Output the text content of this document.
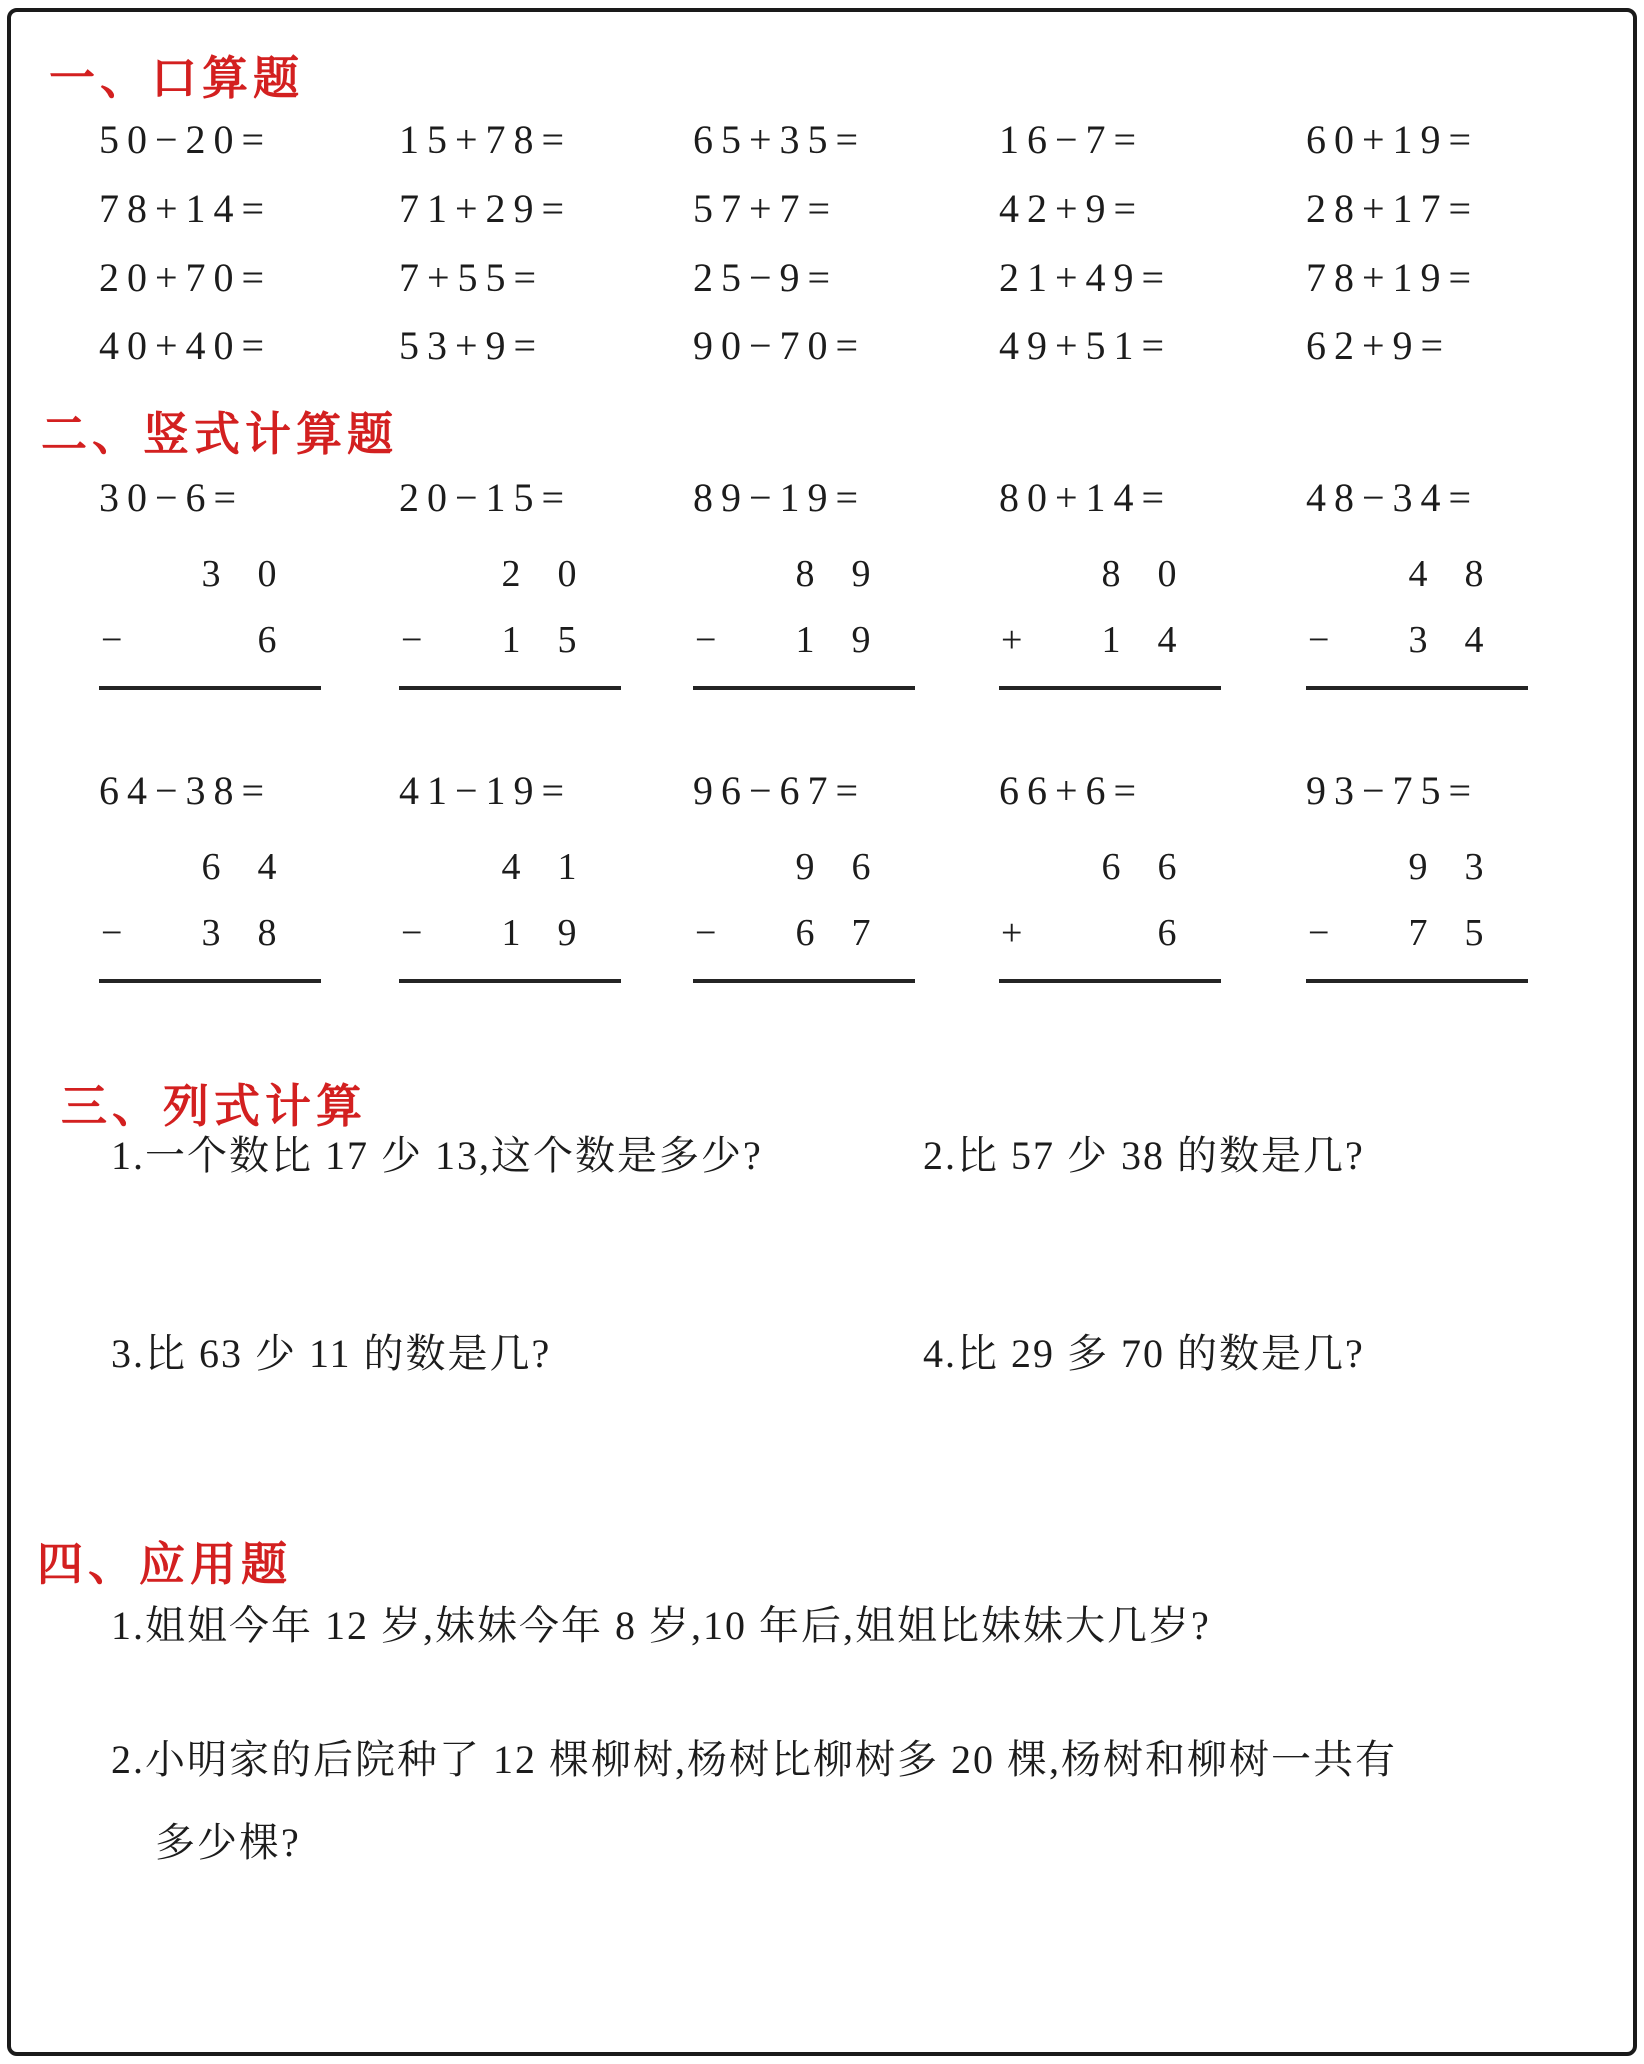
一、口算题
50−20=	15+78=	65+35=	16−7=	60+19=
78+14=	71+29=	57+7=	42+9=	28+17=
20+70=	7+55=	25−9=	21+49=	78+19=
40+40=	53+9=	90−70=	49+51=	62+9=
二、竖式计算题
30−6=
3 0
−	6
20−15=
2 0
−	1 5
89−19=
8 9
−	1 9
80+14=
8 0
+	1 4
48−34=
4 8
−	3 4
64−38=
6 4
−	3 8
41−19=
4 1
−	1 9
96−67=
9 6
−	6 7
66+6=
6 6
+	6
93−75=
9 3
−	7 5
三、列式计算
1.一个数比 17 少 13,这个数是多少?	2.比 57 少 38 的数是几?
3.比 63 少 11 的数是几?	4.比 29 多 70 的数是几?
四、应用题
1.姐姐今年 12 岁,妹妹今年 8 岁,10 年后,姐姐比妹妹大几岁?
2.小明家的后院种了 12 棵柳树,杨树比柳树多 20 棵,杨树和柳树一共有
多少棵?
